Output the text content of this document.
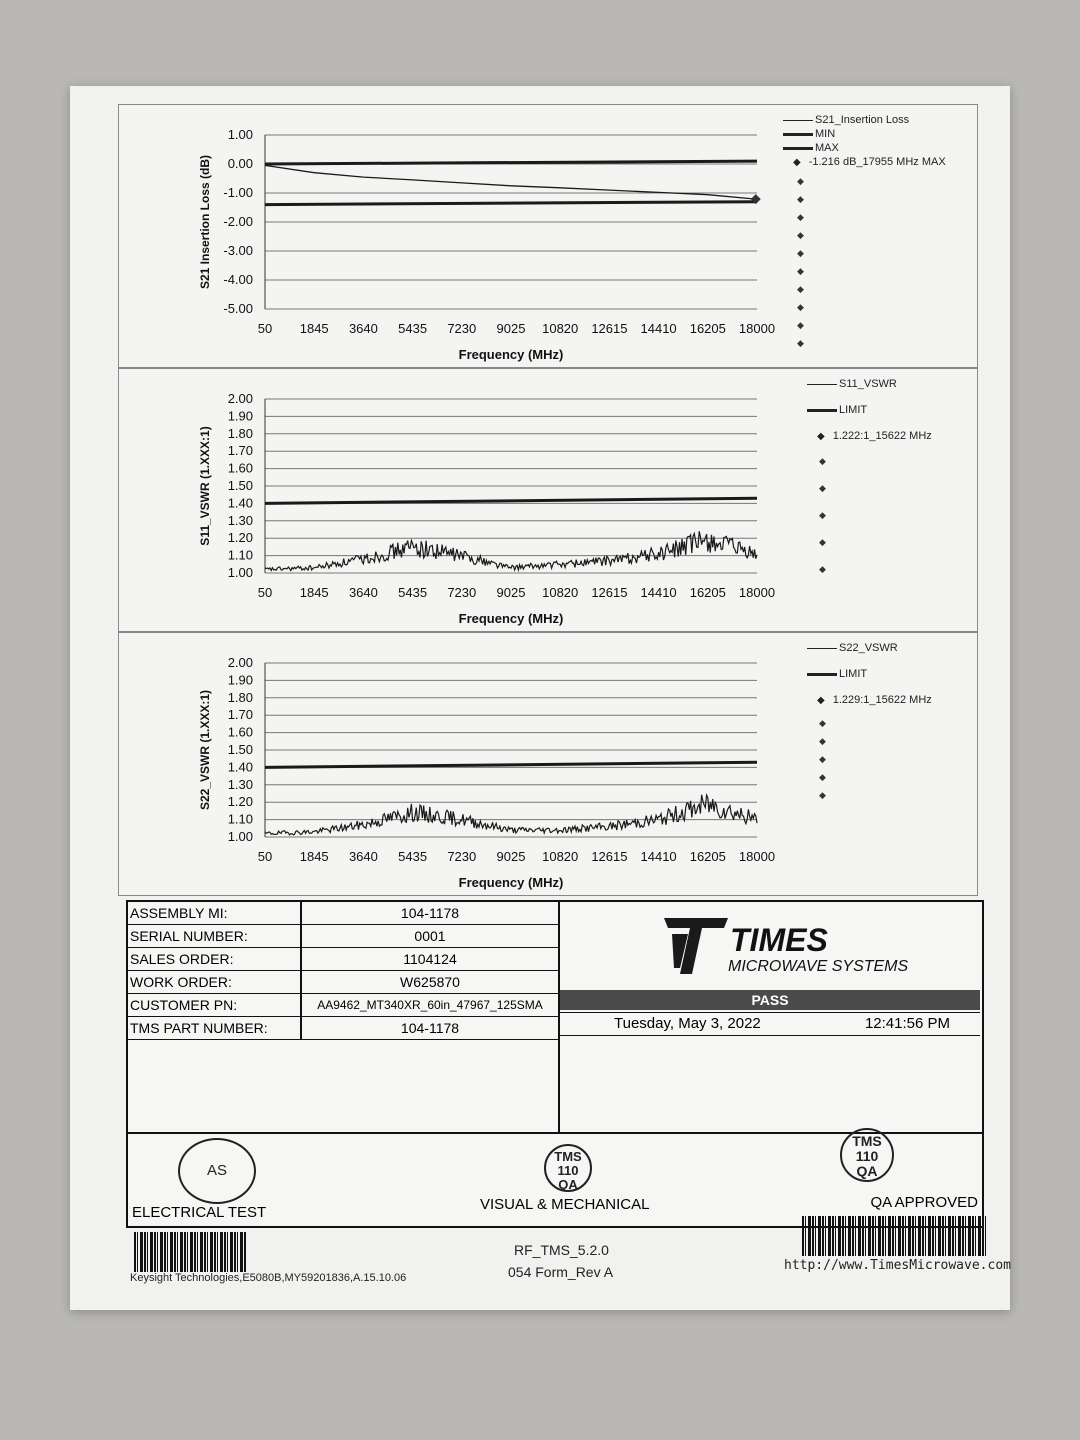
1.00
0.00
-1.00
-2.00
-3.00
-4.00
-5.00
50 1845 3640 5435 7230 9025 10820 12615 14410 16205 18000
Frequency (MHz)
S21 Insertion Loss (dB)
S21_Insertion Loss
MIN
MAX
◆ -1.216 dB_17955 MHz MAX
◆

◆

◆

◆

◆

◆

◆

◆

◆

◆
2.00
1.90
1.80
1.70
1.60
1.50
1.40
1.30
1.20
1.10
1.00
50 1845 3640 5435 7230 9025 10820 12615 14410 16205 18000
Frequency (MHz)
S11_VSWR (1.XXX:1)
S11_VSWR
LIMIT
◆ 1.222:1_15622 MHz
◆

◆

◆

◆

◆
2.00
1.90
1.80
1.70
1.60
1.50
1.40
1.30
1.20
1.10
1.00
50 1845 3640 5435 7230 9025 10820 12615 14410 16205 18000
Frequency (MHz)
S22_VSWR (1.XXX:1)
S22_VSWR
LIMIT
◆ 1.229:1_15622 MHz
◆

◆

◆

◆

◆
ASSEMBLY MI:	104-1178
SERIAL NUMBER:	0001
SALES ORDER:	1104124
WORK ORDER:	W625870
CUSTOMER PN:	AA9462_MT340XR_60in_47967_125SMA
TMS PART NUMBER:	104-1178
TIMES
MICROWAVE SYSTEMS
PASS
Tuesday, May 3, 2022	12:41:56 PM
AS
ELECTRICAL TEST
TMS
110
QA
VISUAL & MECHANICAL
TMS
110
QA
QA APPROVED
Keysight Technologies,E5080B,MY59201836,A.15.10.06
RF_TMS_5.2.0
054 Form_Rev A	http://www.TimesMicrowave.com
